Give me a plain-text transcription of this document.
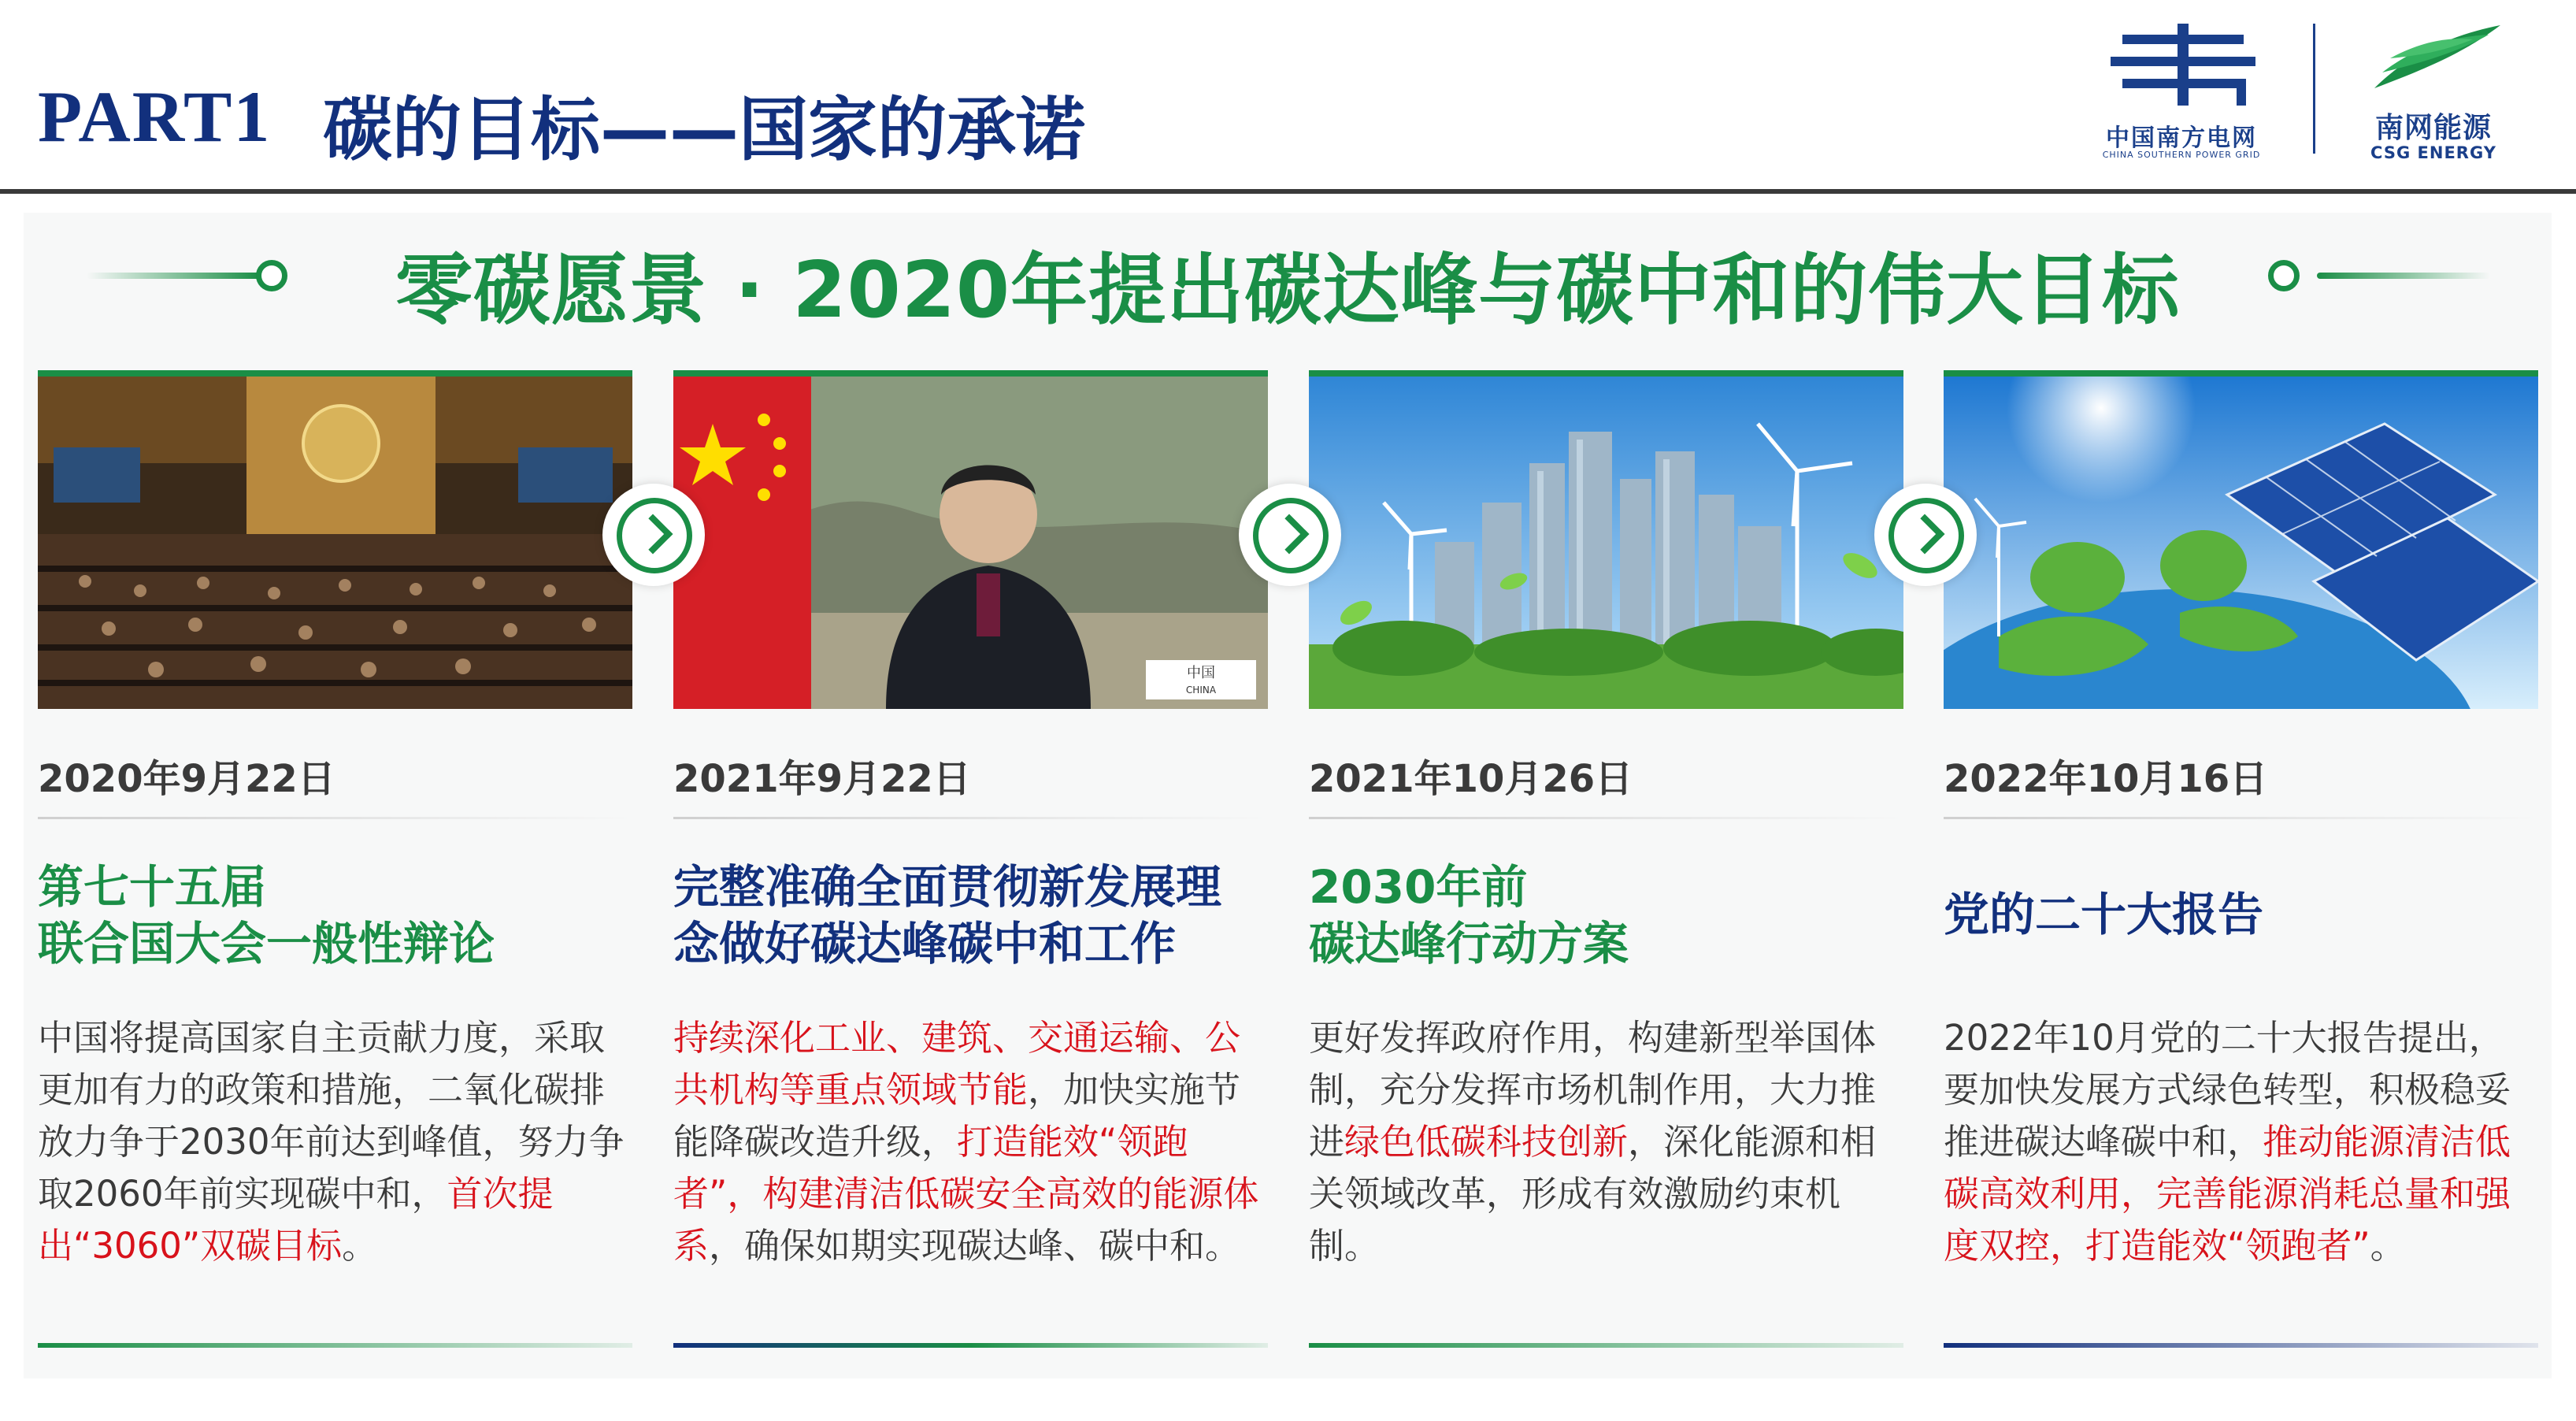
PART1 碳的目标——国家的承诺	中国南方电网
CHINA SOUTHERN POWER GRID
南网能源
CSG ENERGY
零碳愿景 · 2020年提出碳达峰与碳中和的伟大目标
2020年9月22日
第七十五届
联合国大会一般性辩论
中国将提高国家自主贡献力度，采取更加有力的政策和措施，二氧化碳排放力争于2030年前达到峰值，努力争取2060年前实现碳中和，首次提出“3060”双碳目标。
中国
CHINA
2021年9月22日
完整准确全面贯彻新发展理
念做好碳达峰碳中和工作
持续深化工业、建筑、交通运输、公共机构等重点领域节能，加快实施节能降碳改造升级，打造能效“领跑者”，构建清洁低碳安全高效的能源体系，确保如期实现碳达峰、碳中和。
2021年10月26日
2030年前
碳达峰行动方案
更好发挥政府作用，构建新型举国体制，充分发挥市场机制作用，大力推进绿色低碳科技创新，深化能源和相关领域改革，形成有效激励约束机制。
2022年10月16日
党的二十大报告
2022年10月党的二十大报告提出，要加快发展方式绿色转型，积极稳妥推进碳达峰碳中和，推动能源清洁低碳高效利用，完善能源消耗总量和强度双控，打造能效“领跑者”。
